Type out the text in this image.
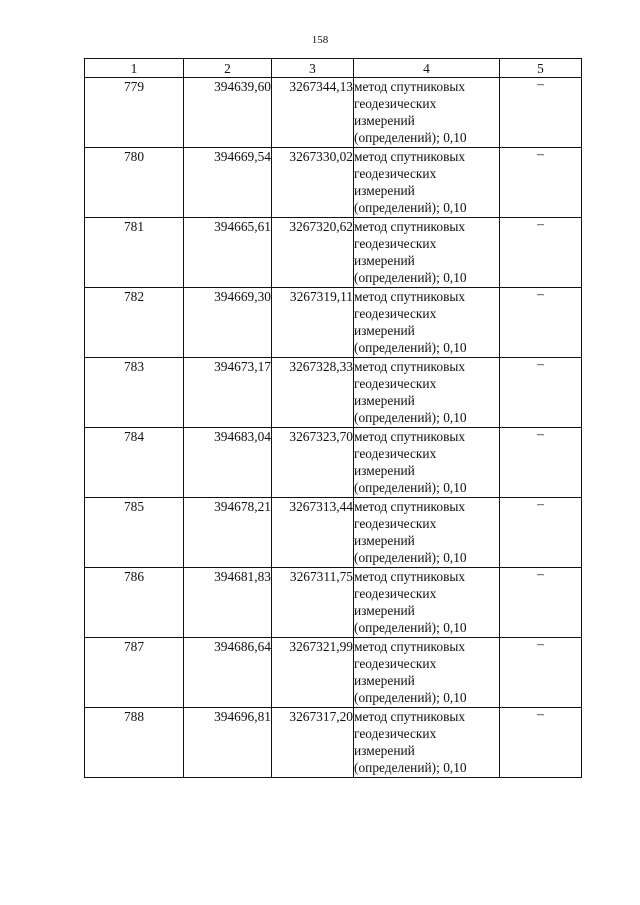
158
1	2	3	4	5
779	394639,60	3267344,13	метод спутниковых
геодезических
измерений
(определений); 0,10	–
780	394669,54	3267330,02	метод спутниковых
геодезических
измерений
(определений); 0,10	–
781	394665,61	3267320,62	метод спутниковых
геодезических
измерений
(определений); 0,10	–
782	394669,30	3267319,11	метод спутниковых
геодезических
измерений
(определений); 0,10	–
783	394673,17	3267328,33	метод спутниковых
геодезических
измерений
(определений); 0,10	–
784	394683,04	3267323,70	метод спутниковых
геодезических
измерений
(определений); 0,10	–
785	394678,21	3267313,44	метод спутниковых
геодезических
измерений
(определений); 0,10	–
786	394681,83	3267311,75	метод спутниковых
геодезических
измерений
(определений); 0,10	–
787	394686,64	3267321,99	метод спутниковых
геодезических
измерений
(определений); 0,10	–
788	394696,81	3267317,20	метод спутниковых
геодезических
измерений
(определений); 0,10	–
